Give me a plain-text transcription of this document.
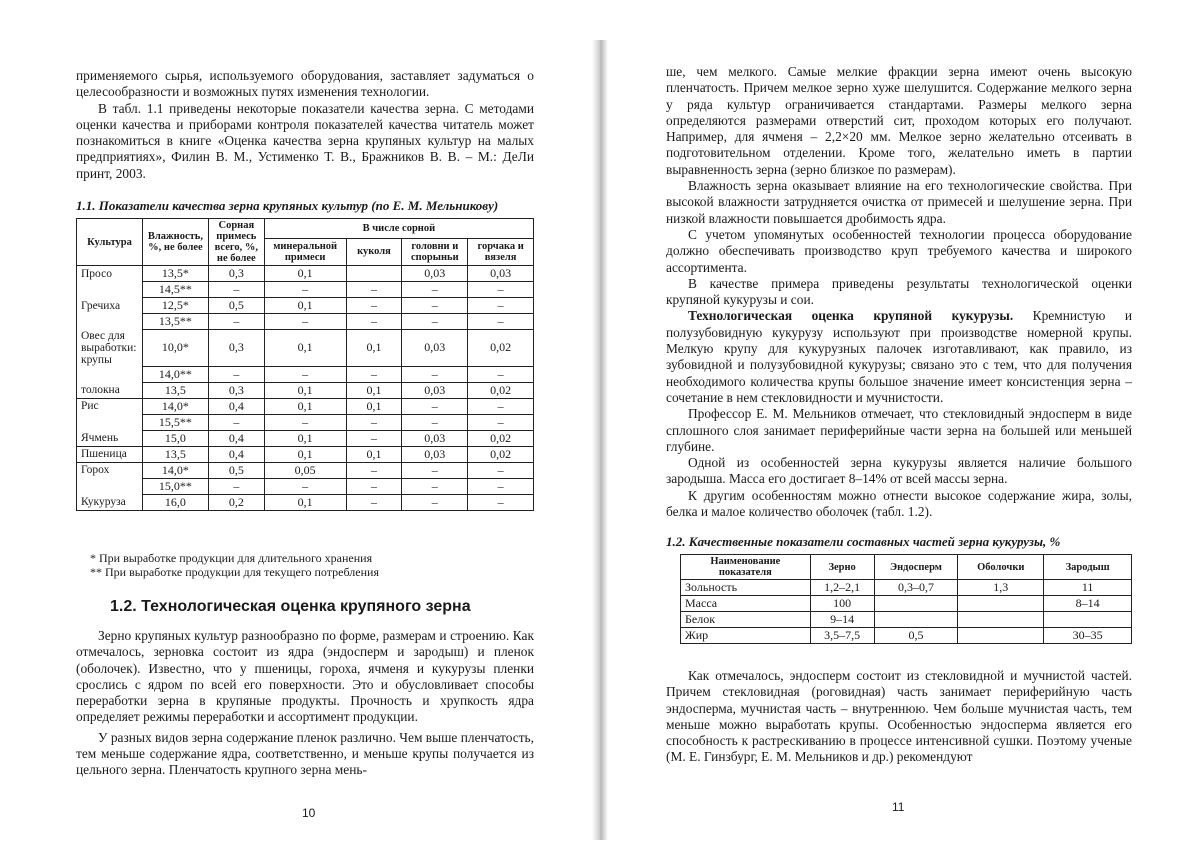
применяемого сырья, используемого оборудования, заставляет задуматься о целесообразности и возможных путях изменения технологии.

В табл. 1.1 приведены некоторые показатели качества зерна. С методами оценки качества и приборами контроля показателей качества читатель может познакомиться в книге «Оценка качества зерна крупяных культур на малых предприятиях», Филин В. М., Устименко Т. В., Бражников В. В. – М.: ДеЛи принт, 2003.

1.1. Показатели качества зерна крупяных культур (по Е. М. Мельникову)
Культура	Влажность, %, не более	Сорная примесь всего, %, не более	В числе сорной			
			минеральной примеси	куколя	головни и спорыньи	горчака и вязеля
Просо	13,5*	0,3	0,1		0,03	0,03
	14,5**	–	–	–	–	–
Гречиха	12,5*	0,5	0,1	–	–	–
	13,5**	–	–	–	–	–
Овес для выработки: крупы	10,0*	0,3	0,1	0,1	0,03	0,02
	14,0**	–	–	–	–	–
толокна	13,5	0,3	0,1	0,1	0,03	0,02
Рис	14,0*	0,4	0,1	0,1	–	–
	15,5**	–	–	–	–	–
Ячмень	15,0	0,4	0,1	–	0,03	0,02
Пшеница	13,5	0,4	0,1	0,1	0,03	0,02
Горох	14,0*	0,5	0,05	–	–	–
	15,0**	–	–	–	–	–
Кукуруза	16,0	0,2	0,1	–	–	–
* При выработке продукции для длительного хранения
** При выработке продукции для текущего потребления
1.2. Технологическая оценка крупяного зерна

Зерно крупяных культур разнообразно по форме, размерам и строению. Как отмечалось, зерновка состоит из ядра (эндосперм и зародыш) и пленок (оболочек). Известно, что у пшеницы, гороха, ячменя и кукурузы пленки срослись с ядром по всей его поверхности. Это и обусловливает способы переработки зерна в крупяные продукты. Прочность и хрупкость ядра определяет режимы переработки и ассортимент продукции.

У разных видов зерна содержание пленок различно. Чем выше пленчатость, тем меньше содержание ядра, соответственно, и меньше крупы получается из цельного зерна. Пленчатость крупного зерна мень-

10

ше, чем мелкого. Самые мелкие фракции зерна имеют очень высокую пленчатость. Причем мелкое зерно хуже шелушится. Содержание мелкого зерна у ряда культур ограничивается стандартами. Размеры мелкого зерна определяются размерами отверстий сит, проходом которых его получают. Например, для ячменя – 2,2×20 мм. Мелкое зерно желательно отсеивать в подготовительном отделении. Кроме того, желательно иметь в партии выравненность зерна (зерно близкое по размерам).

Влажность зерна оказывает влияние на его технологические свойства. При высокой влажности затрудняется очистка от примесей и шелушение зерна. При низкой влажности повышается дробимость ядра.

С учетом упомянутых особенностей технологии процесса оборудование должно обеспечивать производство круп требуемого качества и широкого ассортимента.

В качестве примера приведены результаты технологической оценки крупяной кукурузы и сои.

Технологическая оценка крупяной кукурузы. Кремнистую и полузубовидную кукурузу используют при производстве номерной крупы. Мелкую крупу для кукурузных палочек изготавливают, как правило, из зубовидной и полузубовидной кукурузы; связано это с тем, что для получения необходимого количества крупы большое значение имеет консистенция зерна – сочетание в нем стекловидности и мучнистости.

Профессор Е. М. Мельников отмечает, что стекловидный эндосперм в виде сплошного слоя занимает периферийные части зерна на большей или меньшей глубине.

Одной из особенностей зерна кукурузы является наличие большого зародыша. Масса его достигает 8–14% от всей массы зерна.

К другим особенностям можно отнести высокое содержание жира, золы, белка и малое количество оболочек (табл. 1.2).

1.2. Качественные показатели составных частей зерна кукурузы, %
Наименование показателя	Зерно	Эндосперм	Оболочки	Зародыш
Зольность	1,2–2,1	0,3–0,7	1,3	11
Масса	100			8–14
Белок	9–14			
Жир	3,5–7,5	0,5		30–35

Как отмечалось, эндосперм состоит из стекловидной и мучнистой частей. Причем стекловидная (роговидная) часть занимает периферийную часть эндосперма, мучнистая часть – внутреннюю. Чем больше мучнистая часть, тем меньше можно выработать крупы. Особенностью эндосперма является его способность к растрескиванию в процессе интенсивной сушки. Поэтому ученые (М. Е. Гинзбург, Е. М. Мельников и др.) рекомендуют

11
